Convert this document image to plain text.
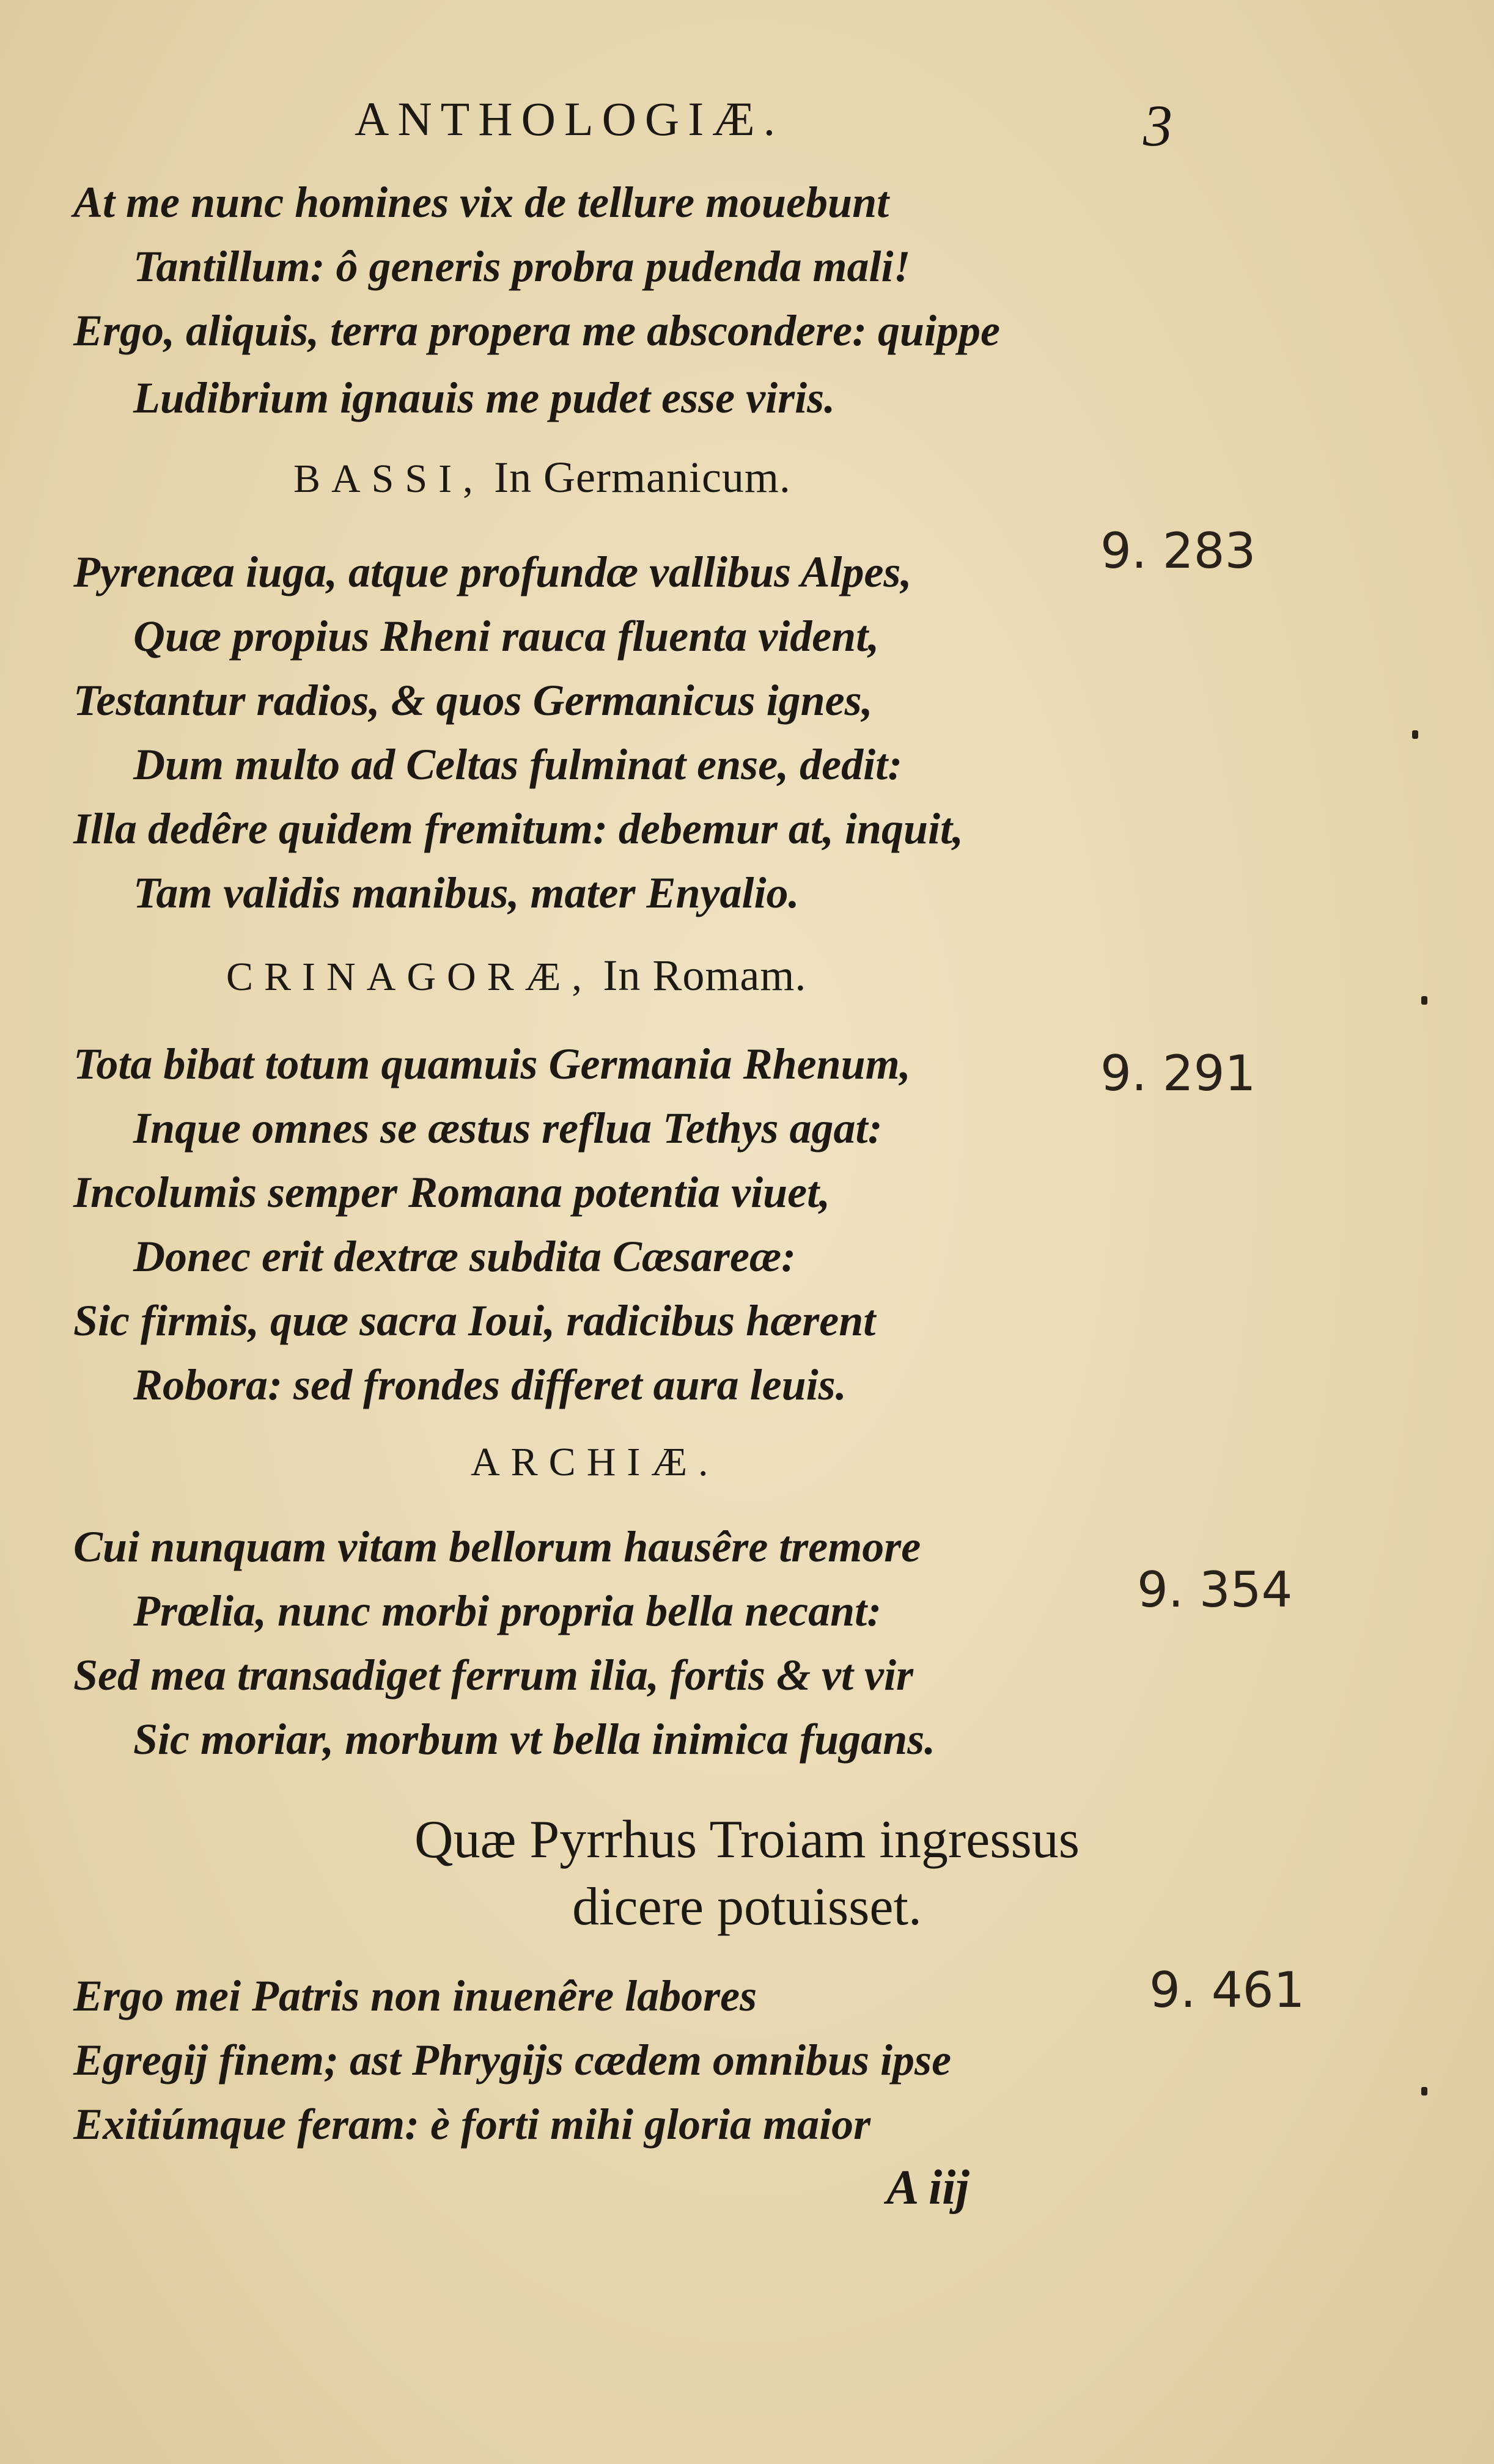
ANTHOLOGIÆ.	3
At me nunc homines vix de tellure mouebunt
Tantillum: ô generis probra pudenda mali!
Ergo, aliquis, terra propera me abscondere: quippe
Ludibrium ignauis me pudet esse viris.
BASSI, In Germanicum.
Pyrenæa iuga, atque profundæ vallibus Alpes,
Quæ propius Rheni rauca fluenta vident,
Testantur radios, & quos Germanicus ignes,
Dum multo ad Celtas fulminat ense, dedit:
Illa dedêre quidem fremitum: debemur at, inquit,
Tam validis manibus, mater Enyalio.
9. 283
CRINAGORÆ, In Romam.
Tota bibat totum quamuis Germania Rhenum,
Inque omnes se æstus reflua Tethys agat:
Incolumis semper Romana potentia viuet,
Donec erit dextræ subdita Cæsareæ:
Sic firmis, quæ sacra Ioui, radicibus hærent
Robora: sed frondes differet aura leuis.
9. 291
ARCHIÆ.
Cui nunquam vitam bellorum hausêre tremore
Prœlia, nunc morbi propria bella necant:
Sed mea transadiget ferrum ilia, fortis & vt vir
Sic moriar, morbum vt bella inimica fugans.
9. 354
Quæ Pyrrhus Troiam ingressus
dicere potuisset.
Ergo mei Patris non inuenêre labores
Egregij finem; ast Phrygijs cædem omnibus ipse
Exitiúmque feram: è forti mihi gloria maior
9. 461
A iij
